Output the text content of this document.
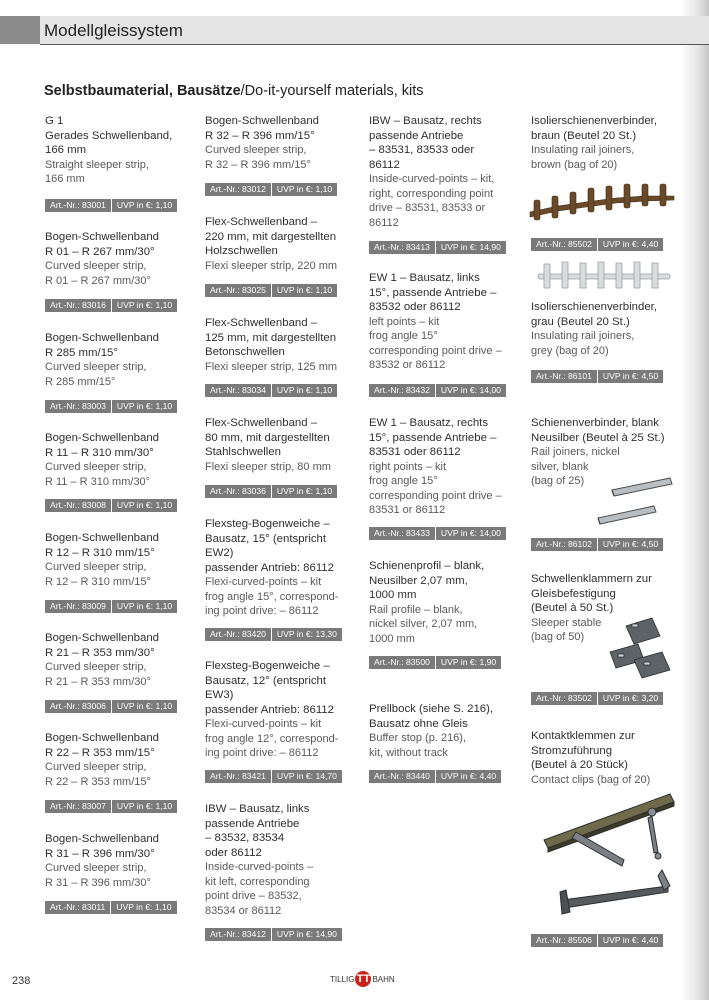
Modellgleissystem
Selbstbaumaterial, Bausätze/Do-it-yourself materials, kits
G 1
Gerades Schwellenband,
166 mm
Straight sleeper strip,
166 mm
Art.-Nr.: 83001	UVP in €: 1,10
Bogen-Schwellenband
R 01 – R 267 mm/30°
Curved sleeper strip,
R 01 – R 267 mm/30°
Art.-Nr.: 83016	UVP in €: 1,10
Bogen-Schwellenband
R 285 mm/15°
Curved sleeper strip,
R 285 mm/15°
Art.-Nr.: 83003	UVP in €: 1,10
Bogen-Schwellenband
R 11 – R 310 mm/30°
Curved sleeper strip,
R 11 – R 310 mm/30°
Art.-Nr.: 83008	UVP in €: 1,10
Bogen-Schwellenband
R 12 – R 310 mm/15°
Curved sleeper strip,
R 12 – R 310 mm/15°
Art.-Nr.: 83009	UVP in €: 1,10
Bogen-Schwellenband
R 21 – R 353 mm/30°
Curved sleeper strip,
R 21 – R 353 mm/30°
Art.-Nr.: 83006	UVP in €: 1,10
Bogen-Schwellenband
R 22 – R 353 mm/15°
Curved sleeper strip,
R 22 – R 353 mm/15°
Art.-Nr.: 83007	UVP in €: 1,10
Bogen-Schwellenband
R 31 – R 396 mm/30°
Curved sleeper strip,
R 31 – R 396 mm/30°
Art.-Nr.: 83011	UVP in €: 1,10
Bogen-Schwellenband
R 32 – R 396 mm/15°
Curved sleeper strip,
R 32 – R 396 mm/15°
Art.-Nr.: 83012	UVP in €: 1,10
Flex-Schwellenband –
220 mm, mit dargestellten
Holzschwellen
Flexi sleeper strip, 220 mm
Art.-Nr.: 83025	UVP in €: 1,10
Flex-Schwellenband –
125 mm, mit dargestellten
Betonschwellen
Flexi sleeper strip, 125 mm
Art.-Nr.: 83034	UVP in €: 1,10
Flex-Schwellenband –
80 mm, mit dargestellten
Stahlschwellen
Flexi sleeper strip, 80 mm
Art.-Nr.: 83036	UVP in €: 1,10
Flexsteg-Bogenweiche –
Bausatz, 15° (entspricht
EW2)
passender Antrieb: 86112
Flexi-curved-points – kit
frog angle 15°, correspond-
ing point drive: – 86112
Art.-Nr.: 83420	UVP in €: 13,30
Flexsteg-Bogenweiche –
Bausatz, 12° (entspricht
EW3)
passender Antrieb: 86112
Flexi-curved-points – kit
frog angle 12°, correspond-
ing point drive: – 86112
Art.-Nr.: 83421	UVP in €: 14,70
IBW – Bausatz, links
passende Antriebe
– 83532, 83534
oder 86112
Inside-curved-points –
kit left, corresponding
point drive – 83532,
83534 or 86112
Art.-Nr.: 83412	UVP in €: 14,90
IBW – Bausatz, rechts
passende Antriebe
– 83531, 83533 oder
86112
Inside-curved-points – kit,
right, corresponding point
drive – 83531, 83533 or
86112
Art.-Nr.: 83413	UVP in €: 14,90
EW 1 – Bausatz, links
15°, passende Antriebe –
83532 oder 86112
left points – kit
frog angle 15°
corresponding point drive –
83532 or 86112
Art.-Nr.: 83432	UVP in €: 14,00
EW 1 – Bausatz, rechts
15°, passende Antriebe –
83531 oder 86112
right points – kit
frog angle 15°
corresponding point drive –
83531 or 86112
Art.-Nr.: 83433	UVP in €: 14,00
Schienenprofil – blank,
Neusilber 2,07 mm,
1000 mm
Rail profile – blank,
nickel silver, 2,07 mm,
1000 mm
Art.-Nr.: 83500	UVP in €: 1,90
Prellbock (siehe S. 216),
Bausatz ohne Gleis
Buffer stop (p. 216),
kit, without track
Art.-Nr.: 83440	UVP in €: 4,40
Isolierschienenverbinder,
braun (Beutel 20 St.)
Insulating rail joiners,
brown (bag of 20)
Art.-Nr.: 85502	UVP in €: 4,40
Isolierschienenverbinder,
grau (Beutel 20 St.)
Insulating rail joiners,
grey (bag of 20)
Art.-Nr.: 86101	UVP in €: 4,50
Schienenverbinder, blank
Neusilber (Beutel à 25 St.)
Rail joiners, nickel
silver, blank
(bag of 25)
Art.-Nr.: 86102	UVP in €: 4,50
Schwellenklammern zur
Gleisbefestigung
(Beutel à 50 St.)
Sleeper stable
(bag of 50)
Art.-Nr.: 83502	UVP in €: 3,20
Kontaktklemmen zur
Stromzuführung
(Beutel à 20 Stück)
Contact clips (bag of 20)
Art.-Nr.: 85506	UVP in €: 4,40
238	TILLIG TT BAHN
